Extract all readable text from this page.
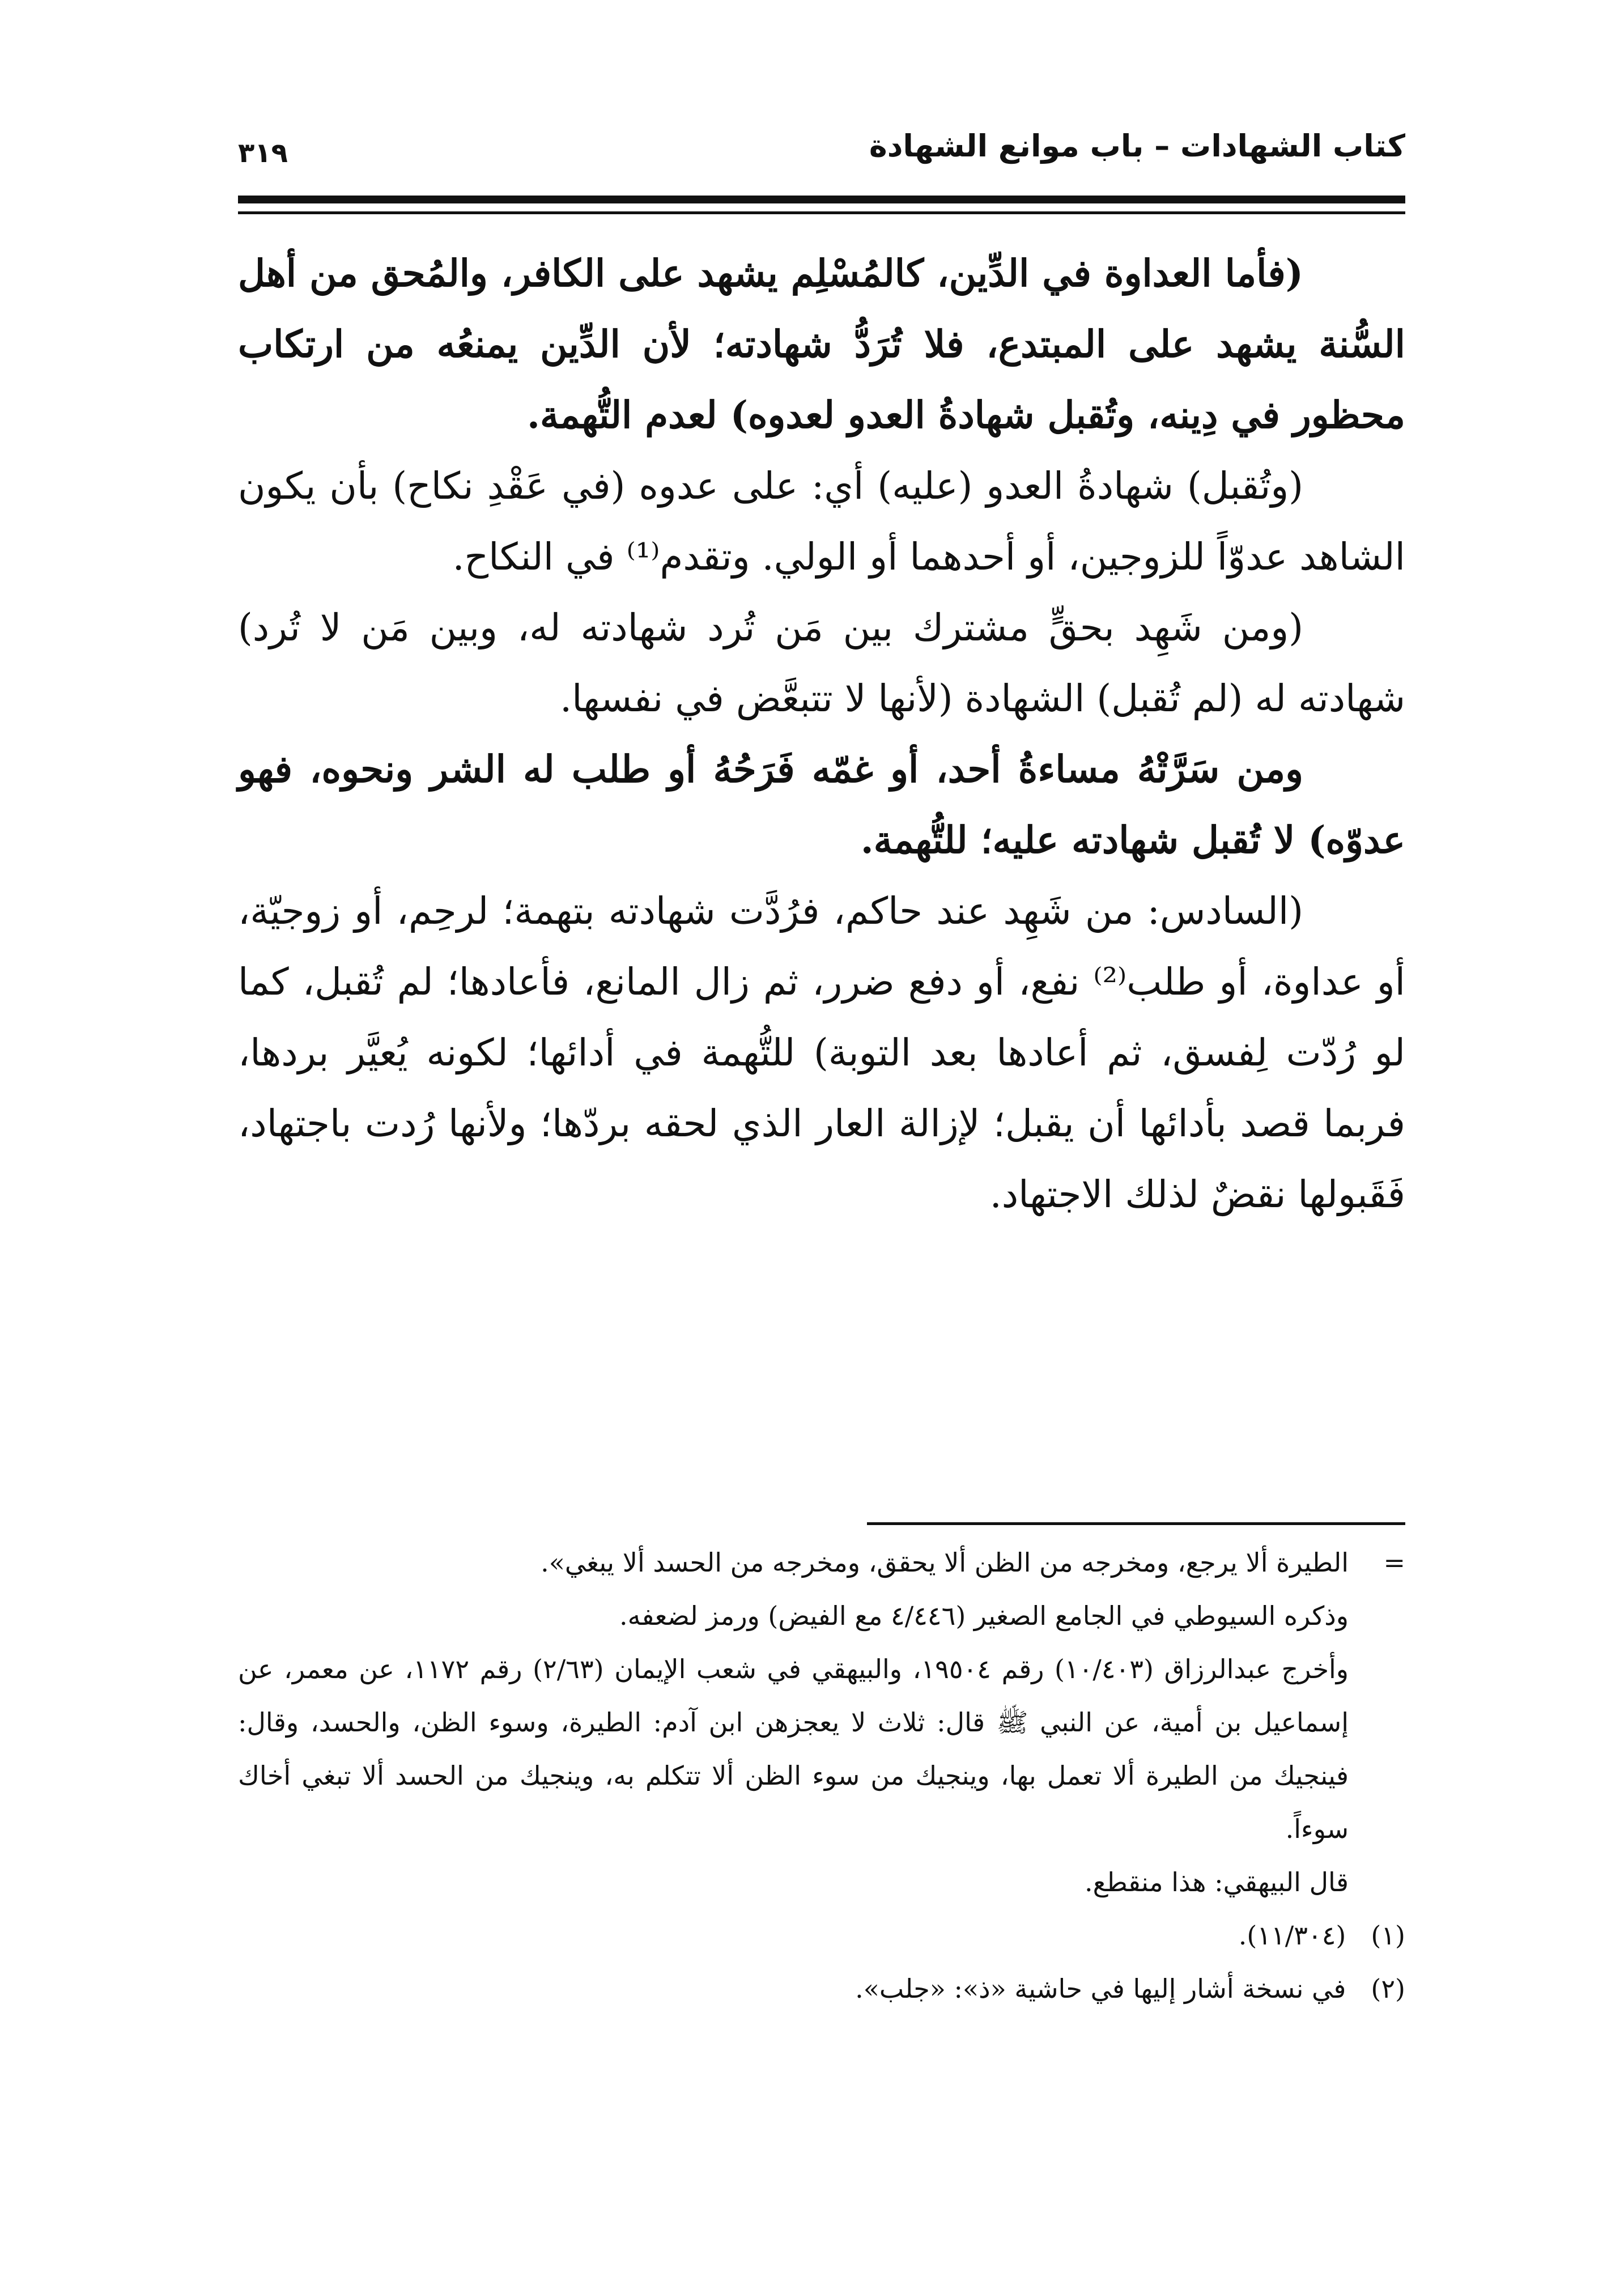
كتاب الشهادات – باب موانع الشهادة
٣١٩

(فأما العداوة في الدِّين، كالمُسْلِم يشهد على الكافر، والمُحق من أهل السُّنة يشهد على المبتدع، فلا تُرَدُّ شهادته؛ لأن الدِّين يمنعُه من ارتكاب محظور في دِينه، وتُقبل شهادةُ العدو لعدوه) لعدم التُّهمة.

(وتُقبل) شهادةُ العدو (عليه) أي: على عدوه (في عَقْدِ نكاح) بأن يكون الشاهد عدوّاً للزوجين، أو أحدهما أو الولي. وتقدم⁽¹⁾ في النكاح.

(ومن شَهِد بحقٍّ مشترك بين مَن تُرد شهادته له، وبين مَن لا تُرد) شهادته له (لم تُقبل) الشهادة (لأنها لا تتبعَّض في نفسها.

ومن سَرَّتْهُ مساءةُ أحد، أو غمّه فَرَحُهُ أو طلب له الشر ونحوه، فهو عدوّه) لا تُقبل شهادته عليه؛ للتُّهمة.

(السادس: من شَهِد عند حاكم، فرُدَّت شهادته بتهمة؛ لرحِم، أو زوجيّة، أو عداوة، أو طلب⁽²⁾ نفع، أو دفع ضرر، ثم زال المانع، فأعادها؛ لم تُقبل، كما لو رُدّت لِفسق، ثم أعادها بعد التوبة) للتُّهمة في أدائها؛ لكونه يُعيَّر بردها، فربما قصد بأدائها أن يقبل؛ لإزالة العار الذي لحقه بردّها؛ ولأنها رُدت باجتهاد، فَقَبولها نقضٌ لذلك الاجتهاد.

=

الطيرة ألا يرجع، ومخرجه من الظن ألا يحقق، ومخرجه من الحسد ألا يبغي».

وذكره السيوطي في الجامع الصغير (٤/٤٤٦ مع الفيض) ورمز لضعفه.

وأخرج عبدالرزاق (١٠/٤٠٣) رقم ١٩٥٠٤، والبيهقي في شعب الإيمان (٢/٦٣) رقم ١١٧٢، عن معمر، عن إسماعيل بن أمية، عن النبي ﷺ قال: ثلاث لا يعجزهن ابن آدم: الطيرة، وسوء الظن، والحسد، وقال: فينجيك من الطيرة ألا تعمل بها، وينجيك من سوء الظن ألا تتكلم به، وينجيك من الحسد ألا تبغي أخاك سوءاً.

قال البيهقي: هذا منقطع.

(١) (١١/٣٠٤).

(٢) في نسخة أشار إليها في حاشية «ذ»: «جلب».
